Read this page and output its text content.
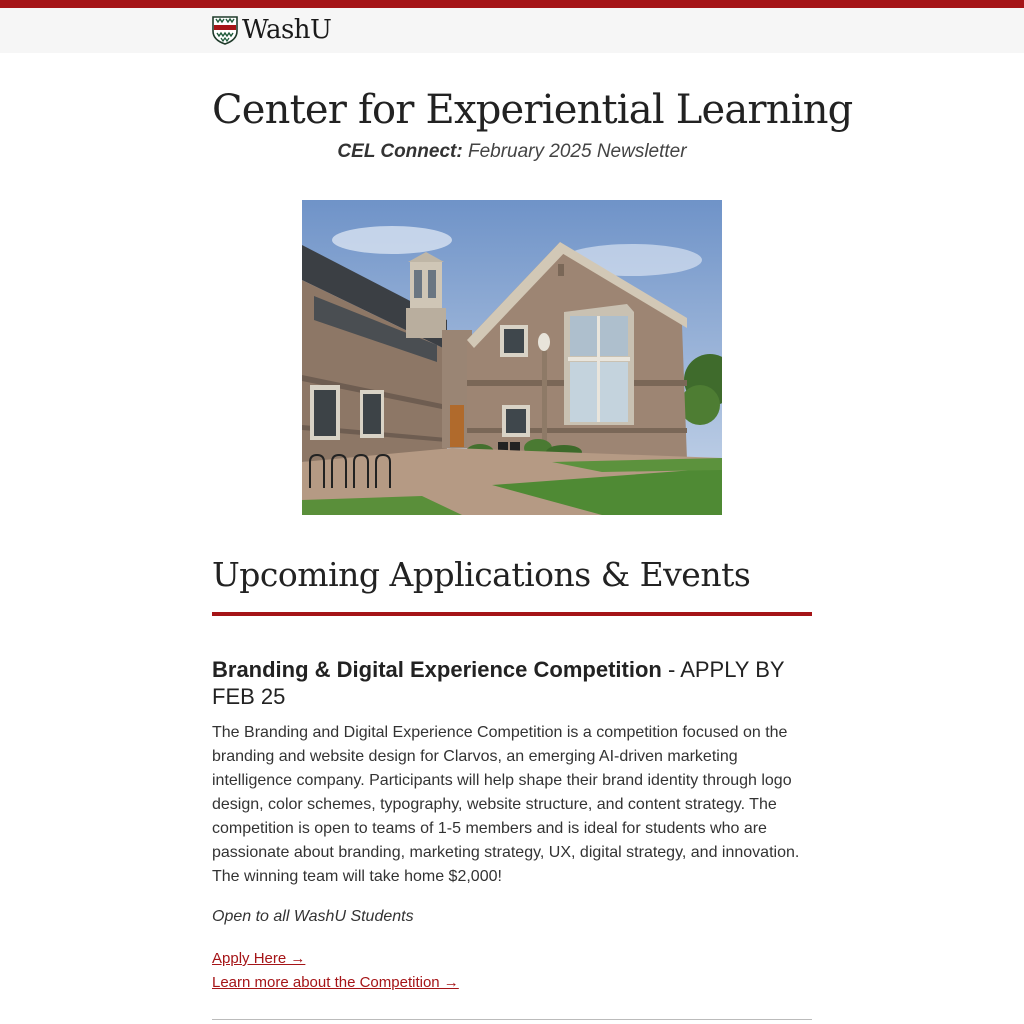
WashU
Center for Experiential Learning
CEL Connect: February 2025 Newsletter
Upcoming Applications & Events
Branding & Digital Experience Competition - APPLY BY FEB 25
The Branding and Digital Experience Competition is a competition focused on the branding and website design for Clarvos, an emerging AI-driven marketing intelligence company. Participants will help shape their brand identity through logo design, color schemes, typography, website structure, and content strategy. The competition is open to teams of 1-5 members and is ideal for students who are passionate about branding, marketing strategy, UX, digital strategy, and innovation. The winning team will take home $2,000!
Open to all WashU Students
Apply Here →
Learn more about the Competition →
